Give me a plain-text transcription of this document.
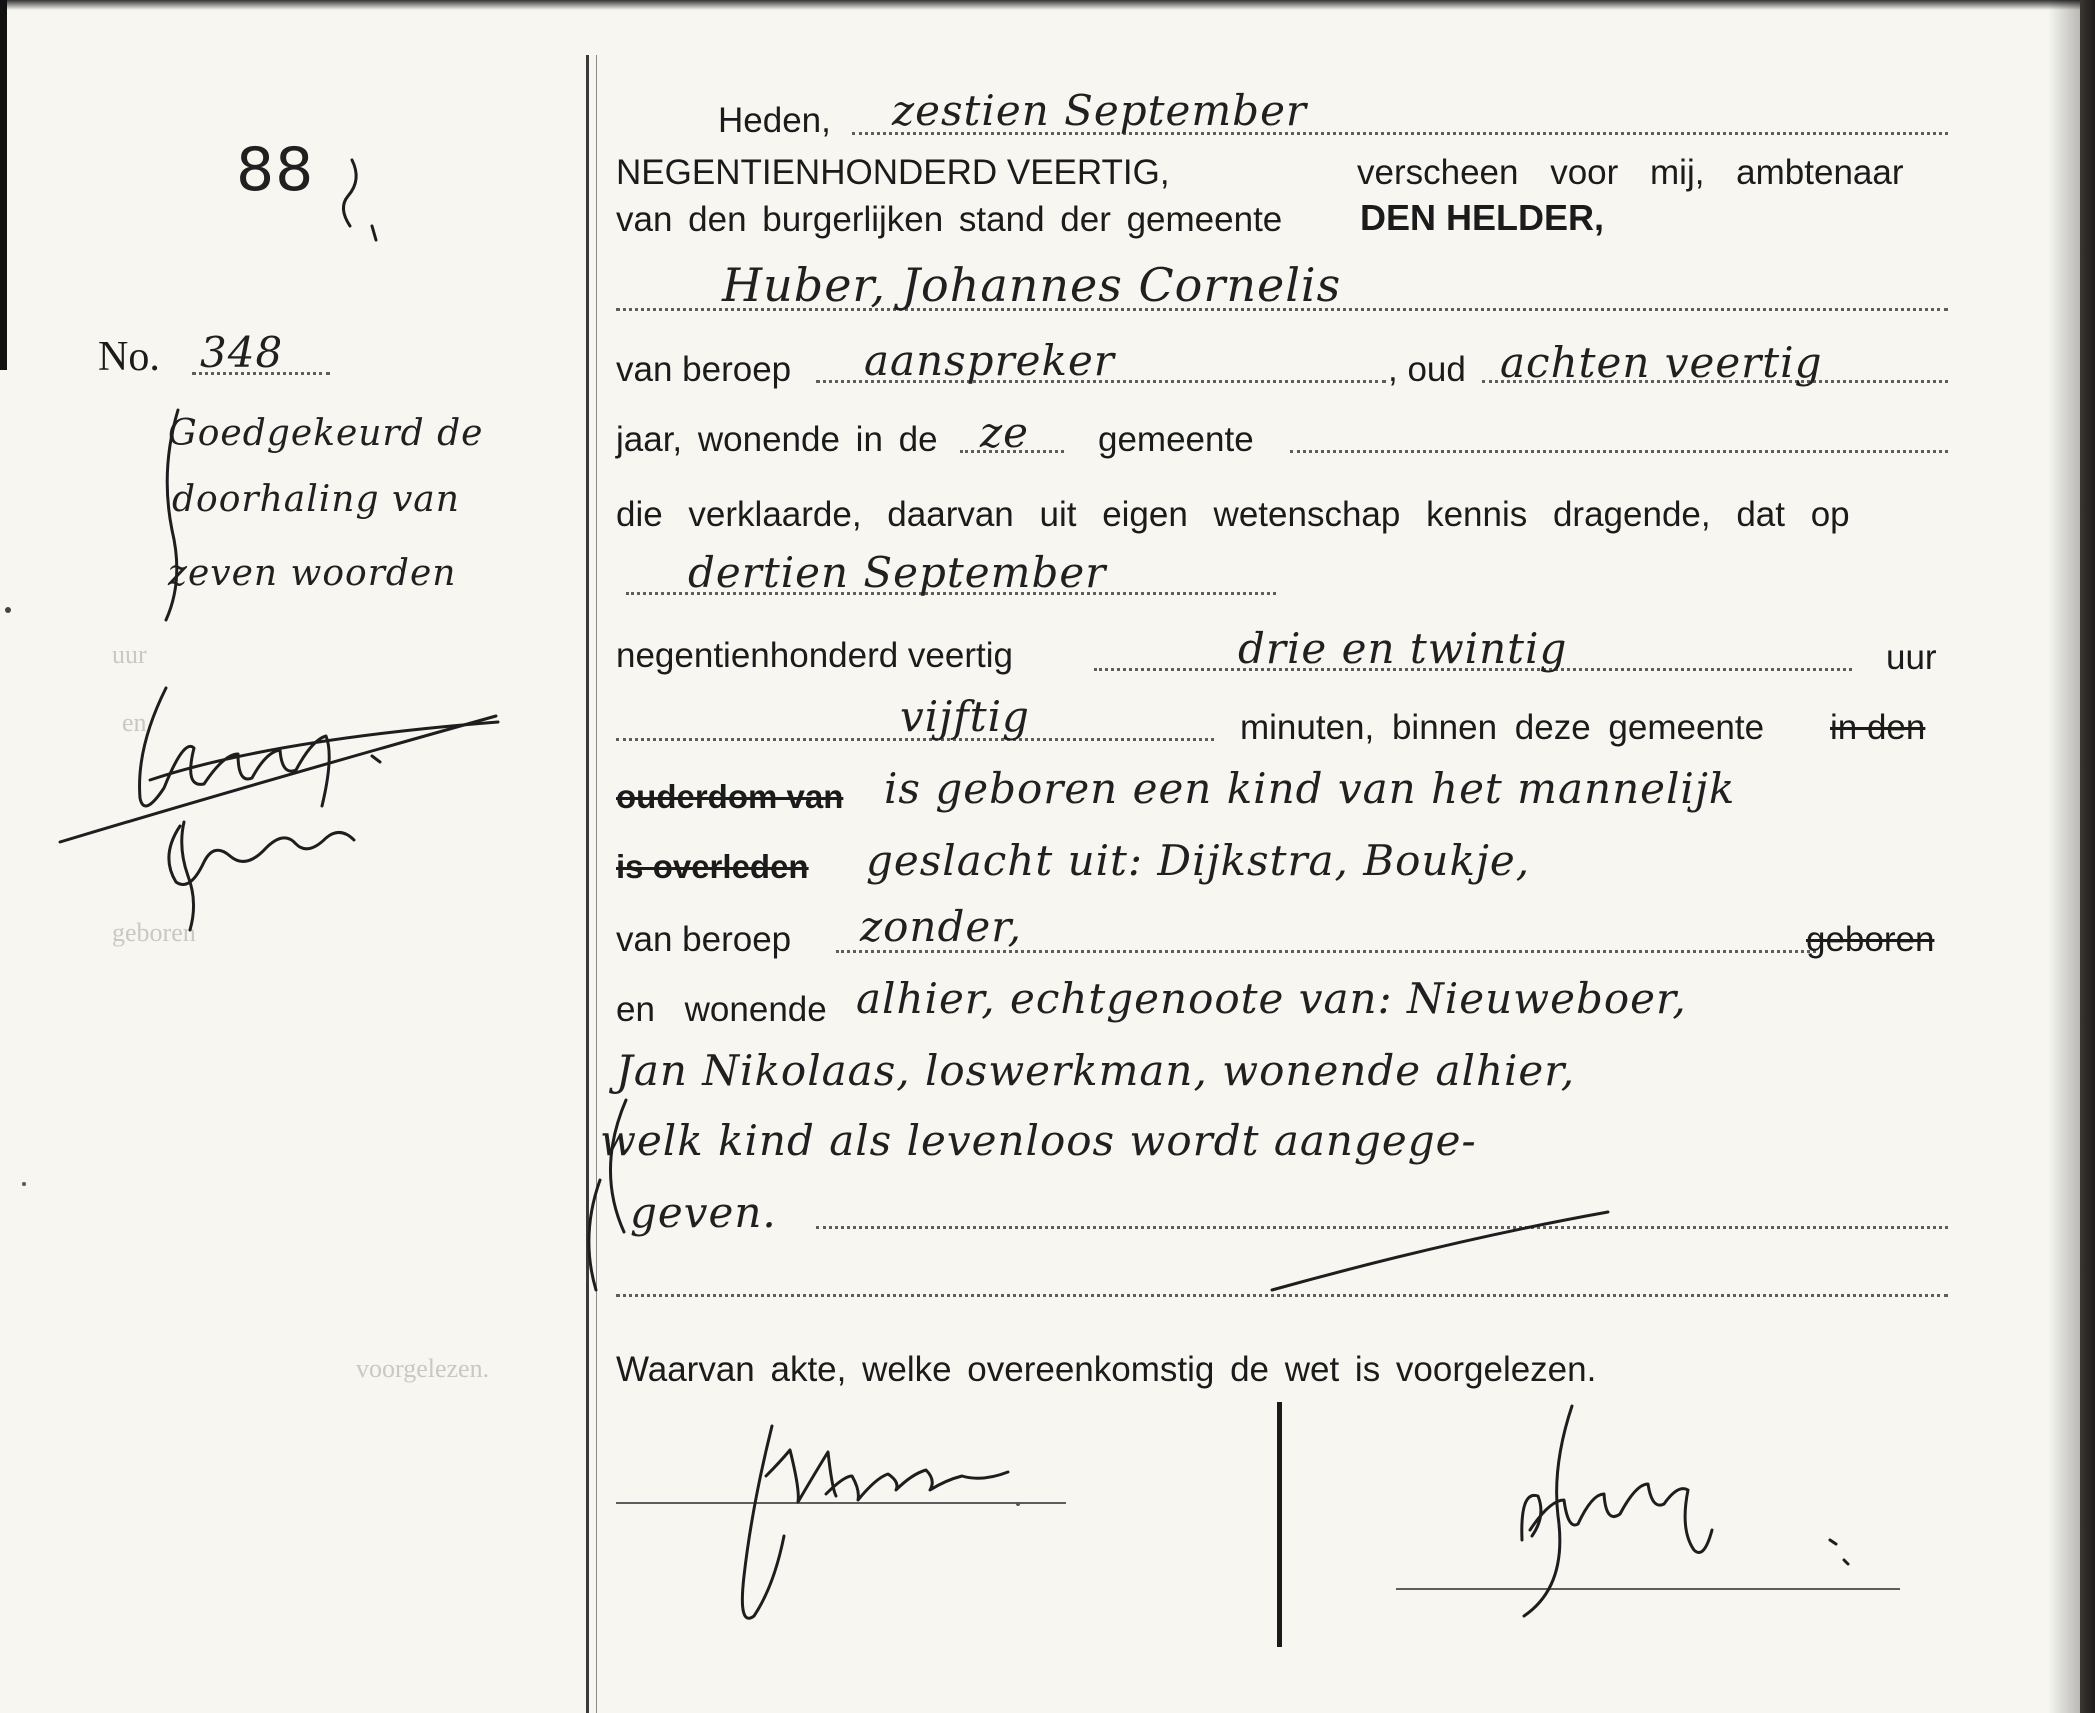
88
No. 348
Goedgekeurd de
doorhaling van
zeven woorden
uur
en
geboren
voorgelezen.
Heden, zestien September
NEGENTIENHONDERD VEERTIG,	verscheen voor mij, ambtenaar
van den burgerlijken stand der gemeente DEN HELDER,
Huber, Johannes Cornelis
van beroep aanspreker	, oud achten veertig
jaar, wonende in de ze gemeente
die verklaarde, daarvan uit eigen wetenschap kennis dragende, dat op
dertien September
negentienhonderd veertig	drie en twintig	uur
vijftig	minuten, binnen deze gemeente in den
ouderdom van is geboren een kind van het mannelijk
is overleden geslacht uit: Dijkstra, Boukje,
van beroep zonder,	geboren
en wonende alhier, echtgenoote van: Nieuweboer,
Jan Nikolaas, loswerkman, wonende alhier,
welk kind als levenloos wordt aangege-
geven.
Waarvan akte, welke overeenkomstig de wet is voorgelezen.
